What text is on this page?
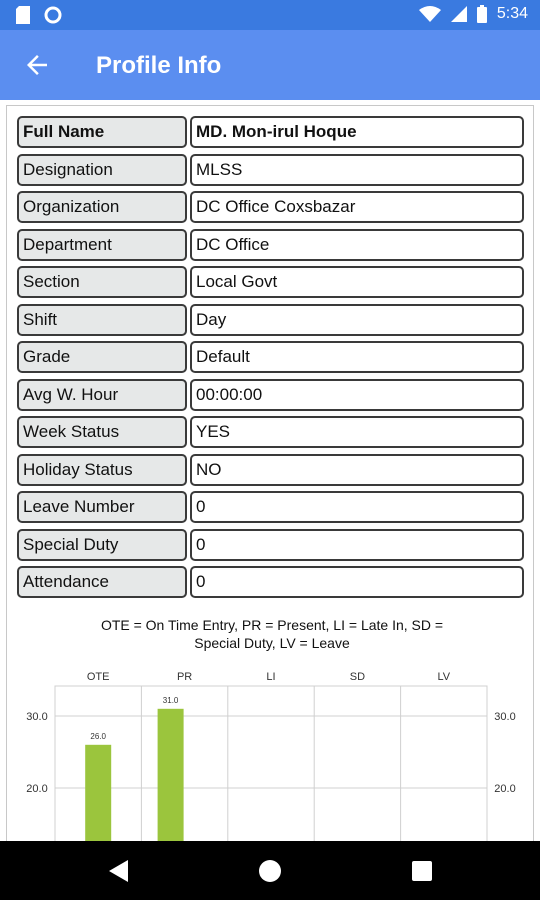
5:34
Profile Info
Full Name	MD. Mon-irul Hoque
Designation	MLSS
Organization	DC Office Coxsbazar
Department	DC Office
Section	Local Govt
Shift	Day
Grade	Default
Avg W. Hour	00:00:00
Week Status	YES
Holiday Status	NO
Leave Number	0
Special Duty	0
Attendance	0
OTE = On Time Entry, PR = Present, LI = Late In, SD =
Special Duty, LV = Leave
OTE	PR	LI	SD	LV
30.0
20.0
30.0
20.0
26.0
31.0
